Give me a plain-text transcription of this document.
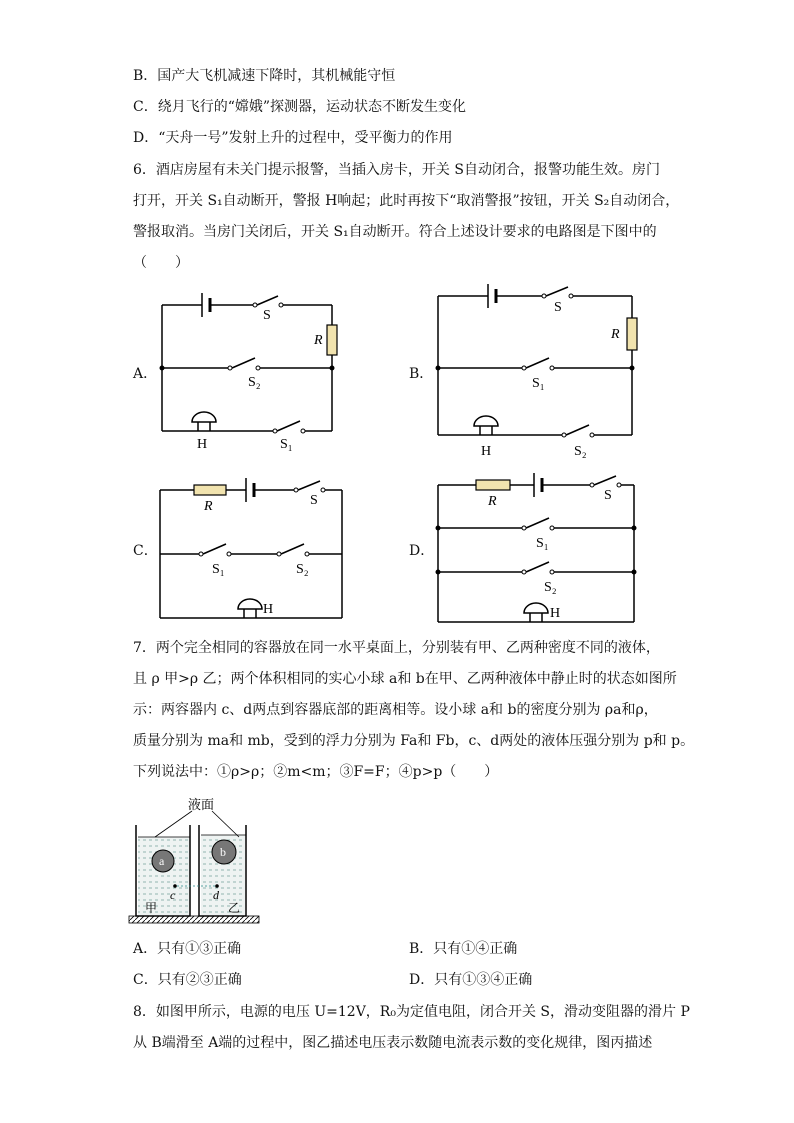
B．国产大飞机减速下降时，其机械能守恒
C．绕月飞行的“嫦娥”探测器，运动状态不断发生变化
D．“天舟一号”发射上升的过程中，受平衡力的作用
6．酒店房屋有未关门提示报警，当插入房卡，开关 S自动闭合，报警功能生效。房门
打开，开关 S₁自动断开，警报 H响起；此时再按下“取消警报”按钮，开关 S₂自动闭合，
警报取消。当房门关闭后，开关 S₁自动断开。符合上述设计要求的电路图是下图中的
（　　）
A．	B．
C．	D．
S
R
S₂
H	S₁
S
R
S₁
H	S₂
R	S
S₁	S₂
H
R	S
S₁
S₂
H
7．两个完全相同的容器放在同一水平桌面上，分别装有甲、乙两种密度不同的液体，
且 ρ 甲>ρ 乙；两个体积相同的实心小球 a和 b在甲、乙两种液体中静止时的状态如图所
示：两容器内 c、d两点到容器底部的距离相等。设小球 a和 b的密度分别为 ρa和ρ，
质量分别为 ma和 mb，受到的浮力分别为 Fa和 Fb，c、d两处的液体压强分别为 p和 p。
下列说法中：①ρ>ρ；②m<m；③F=F；④p>p（　　）
液面
a
b
c	d
甲	乙
A．只有①③正确	B．只有①④正确
C．只有②③正确	D．只有①③④正确
8．如图甲所示，电源的电压 U=12V，R₀为定值电阻，闭合开关 S，滑动变阻器的滑片 P
从 B端滑至 A端的过程中，图乙描述电压表示数随电流表示数的变化规律，图丙描述
